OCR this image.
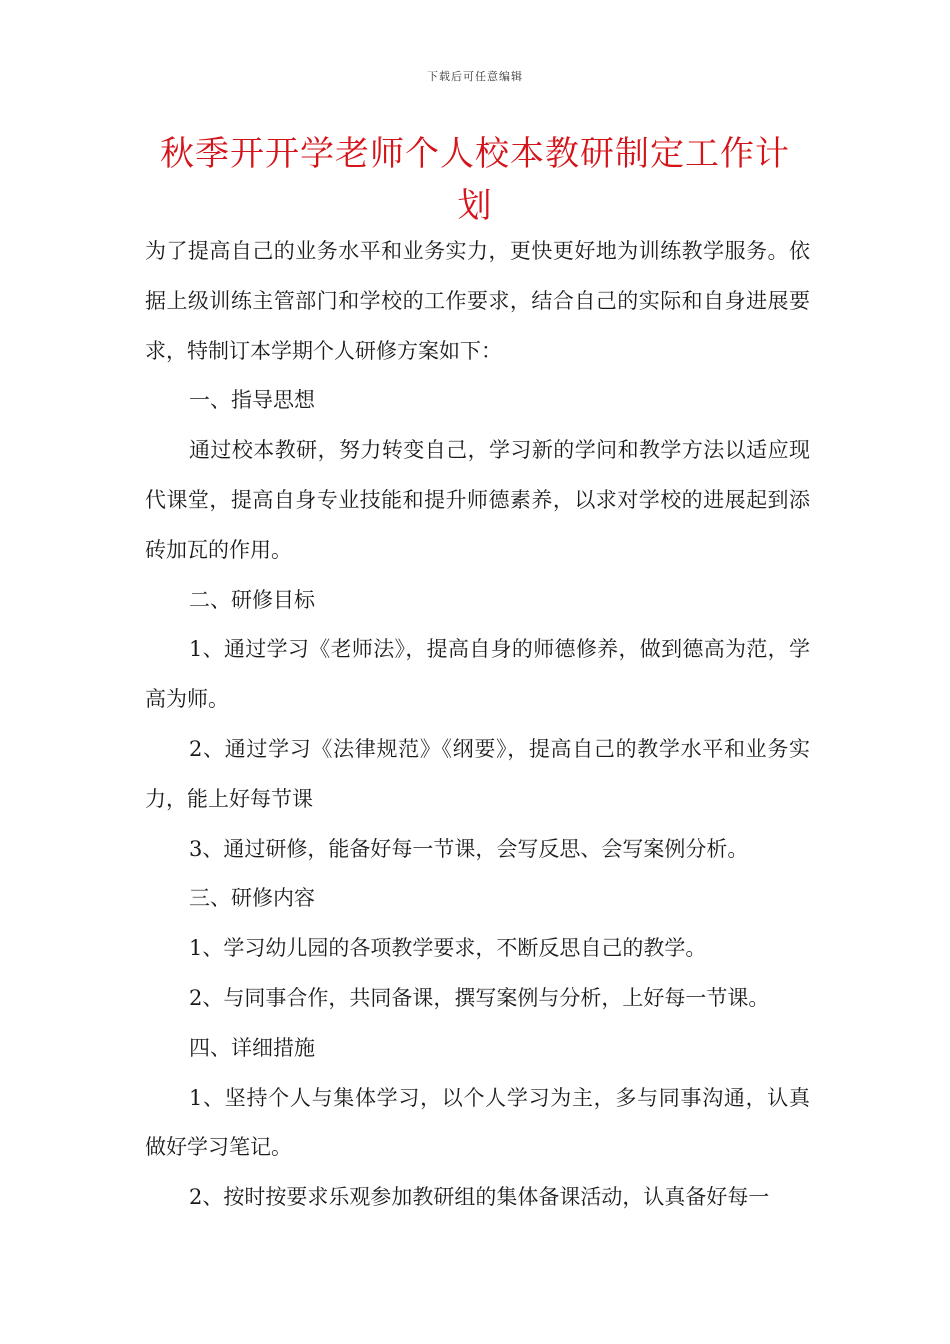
下载后可任意编辑
秋季开开学老师个人校本教研制定工作计划

为了提高自己的业务水平和业务实力，更快更好地为训练教学服务。依据上级训练主管部门和学校的工作要求，结合自己的实际和自身进展要求，特制订本学期个人研修方案如下：

一、指导思想

通过校本教研，努力转变自己，学习新的学问和教学方法以适应现代课堂，提高自身专业技能和提升师德素养，以求对学校的进展起到添砖加瓦的作用。

二、研修目标

1、通过学习《老师法》，提高自身的师德修养，做到德高为范，学高为师。

2、通过学习《法律规范》《纲要》，提高自己的教学水平和业务实力，能上好每节课

3、通过研修，能备好每一节课，会写反思、会写案例分析。

三、研修内容

1、学习幼儿园的各项教学要求，不断反思自己的教学。

2、与同事合作，共同备课，撰写案例与分析，上好每一节课。

四、详细措施

1、坚持个人与集体学习，以个人学习为主，多与同事沟通，认真做好学习笔记。

2、按时按要求乐观参加教研组的集体备课活动，认真备好每一
